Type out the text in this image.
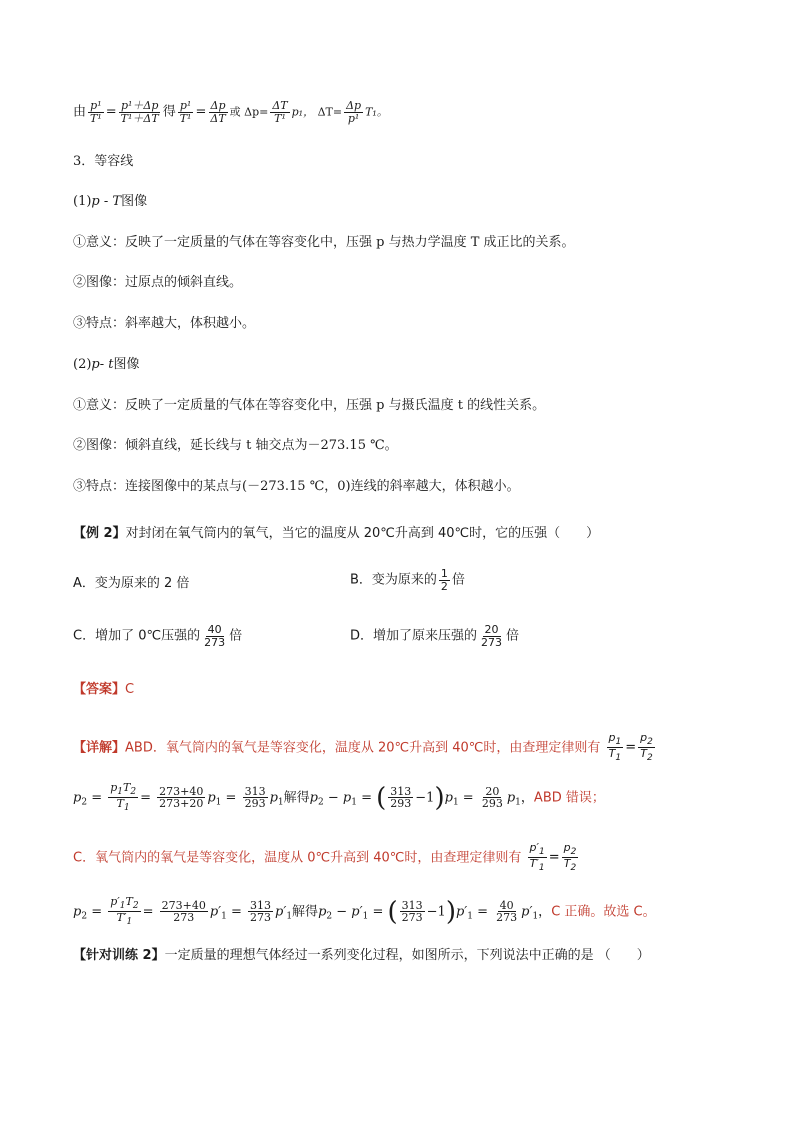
由 $\frac{\text{p¹}}{\text{T¹}} = \frac{\text{p¹＋Δp}}{\text{T¹＋ΔT}}$ 得 $\frac{\text{p¹}}{\text{T¹}} = \frac{\Delta p}{\Delta T}$ 或 $\Delta p= \frac{\Delta T}{\text{T¹}} p_1$， $\Delta T= \frac{\Delta p}{\text{p¹}} T_1$。
3．等容线
(1)p - T图像
①意义：反映了一定质量的气体在等容变化中，压强 p 与热力学温度 T 成正比的关系。
②图像：过原点的倾斜直线。
③特点：斜率越大，体积越小。
(2)p- t图像
①意义：反映了一定质量的气体在等容变化中，压强 p 与摄氏温度 t 的线性关系。
②图像：倾斜直线，延长线与 t 轴交点为－273.15 ℃。
③特点：连接图像中的某点与(－273.15 ℃，0)连线的斜率越大，体积越小。
【例 2】对封闭在氧气筒内的氧气，当它的温度从 20℃升高到 40℃时，它的压强（　　）
A．变为原来的 2 倍	B．变为原来的 $\frac{1}{2}$ 倍
C．增加了 0℃压强的 $\frac{40}{273}$ 倍	D．增加了原来压强的 $\frac{20}{273}$ 倍
【答案】C
【详解】ABD．氧气筒内的氧气是等容变化，温度从 20℃升高到 40℃时，由查理定律则有 $\frac{p_1}{T_1} = \frac{p_2}{T_2}$
$p_2 = \frac{p_1T_2}{T_1} = \frac{273+40}{273+20} p_1 = \frac{313}{293} p_1$解得$p_2 - p_1$ = ( $\frac{313}{293} -1)p_1 = \frac{20}{293} p_1$，ABD 错误；
C．氧气筒内的氧气是等容变化，温度从 0℃升高到 40℃时，由查理定律则有 $\frac{p'_1}{T'_1} = \frac{p_2}{T_2}$
$p_2 = \frac{p'_1T_2}{T'_1} = \frac{273+40}{273} p'_1 = \frac{313}{273} p'_1$解得$p_2 - p'_1$ = ( $\frac{313}{273} -1)p'_1 = \frac{40}{273} p'_1$，C 正确。故选 C。
【针对训练 2】一定质量的理想气体经过一系列变化过程，如图所示，下列说法中正确的是 （　　）
